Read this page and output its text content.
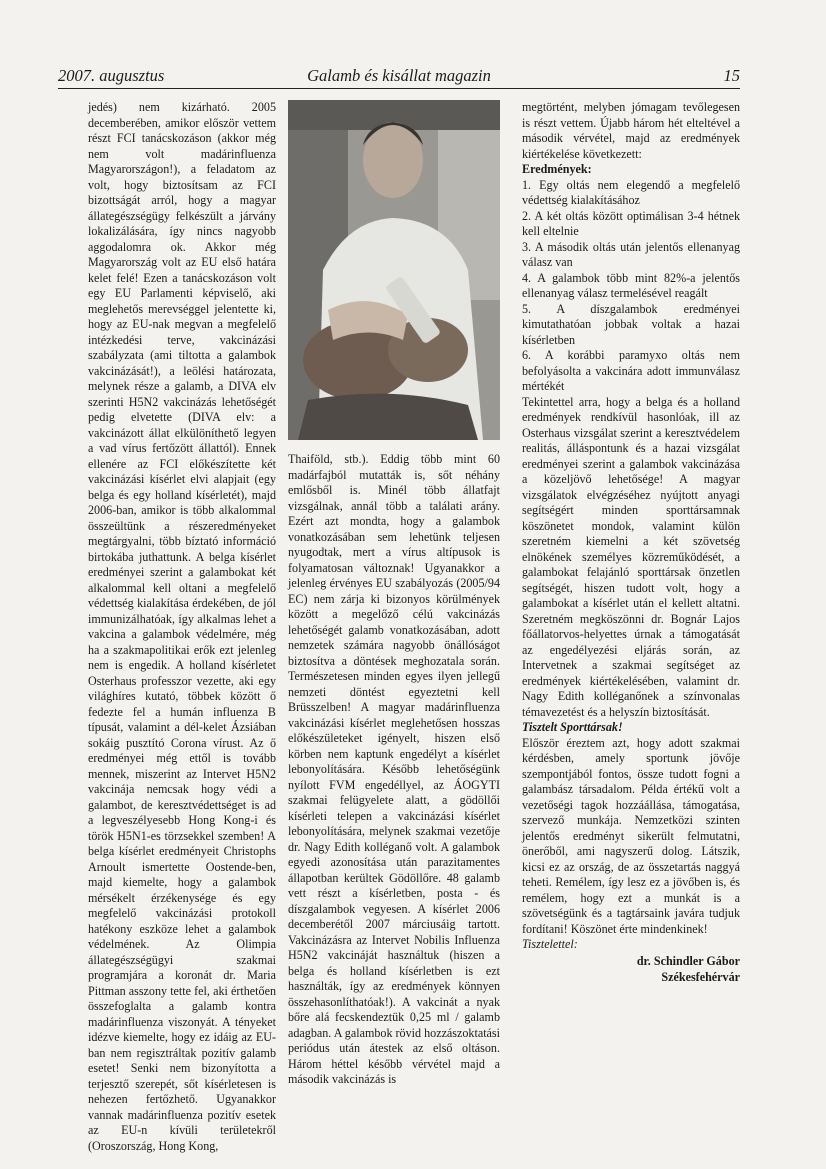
2007. augusztus	Galamb és kisállat magazin	15

jedés) nem kizárható. 2005 decemberében, amikor először vettem részt FCI tanácskozáson (akkor még nem volt madárinfluenza Magyarországon!), a feladatom az volt, hogy biztosítsam az FCI bizottságát arról, hogy a magyar állategészségügy felkészült a járvány lokalizálására, így nincs nagyobb aggodalomra ok. Akkor még Magyarország volt az EU első határa kelet felé! Ezen a tanácskozáson volt egy EU Parlamenti képviselő, aki meglehetős merevséggel jelentette ki, hogy az EU-nak megvan a megfelelő intézkedési terve, vakcinázási szabályzata (ami tiltotta a galambok vakcinázását!), a leölési határozata, melynek része a galamb, a DIVA elv szerinti H5N2 vakcinázás lehetőségét pedig elvetette (DIVA elv: a vakcinázott állat elkülöníthető legyen a vad vírus fertőzött állattól). Ennek ellenére az FCI előkészítette két vakcinázási kísérlet elvi alapjait (egy belga és egy holland kísérletét), majd 2006-ban, amikor is több alkalommal összeültünk a részeredményeket megtárgyalni, több bíztató információ birtokába juthattunk. A belga kísérlet eredményei szerint a galambokat két alkalommal kell oltani a megfelelő védettség kialakítása érdekében, de jól immunizálhatóak, így alkalmas lehet a vakcina a galambok védelmére, még ha a szakmapolitikai erők ezt jelenleg nem is engedik. A holland kísérletet Osterhaus professzor vezette, aki egy világhíres kutató, többek között ő fedezte fel a humán influenza B típusát, valamint a dél-kelet Ázsiában sokáig pusztító Corona vírust. Az ő eredményei még ettől is tovább mennek, miszerint az Intervet H5N2 vakcinája nemcsak hogy védi a galambot, de keresztvédettséget is ad a legveszélyesebb Hong Kong-i és török H5N1-es törzsekkel szemben! A belga kísérlet eredményeit Christophs Arnoult ismertette Oostende-ben, majd kiemelte, hogy a galambok mérsékelt érzékenysége és egy megfelelő vakcinázási protokoll hatékony eszköze lehet a galambok védelmének. Az Olimpia állategészségügyi szakmai programjára a koronát dr. Maria Pittman asszony tette fel, aki érthetően összefoglalta a galamb kontra madárinfluenza viszonyát. A tényeket idézve kiemelte, hogy ez idáig az EU-ban nem regisztráltak pozitív galamb esetet! Senki nem bizonyította a terjesztő szerepét, sőt kísérletesen is nehezen fertőzhető. Ugyanakkor vannak madárinfluenza pozitív esetek az EU-n kívüli területekről (Oroszország, Hong Kong,

Thaiföld, stb.). Eddig több mint 60 madárfajból mutatták is, sőt néhány emlősből is. Minél több állatfajt vizsgálnak, annál több a találati arány. Ezért azt mondta, hogy a galambok vonatkozásában sem lehetünk teljesen nyugodtak, mert a vírus altípusok is folyamatosan változnak! Ugyanakkor a jelenleg érvényes EU szabályozás (2005/94 EC) nem zárja ki bizonyos körülmények között a megelőző célú vakcinázás lehetőségét galamb vonatkozásában, adott nemzetek számára nagyobb önállóságot biztosítva a döntések meghozatala során. Természetesen minden egyes ilyen jellegű nemzeti döntést egyeztetni kell Brüsszelben! A magyar madárinfluenza vakcinázási kísérlet meglehetősen hosszas előkészületeket igényelt, hiszen első körben nem kaptunk engedélyt a kísérlet lebonyolítására. Később lehetőségünk nyílott FVM engedéllyel, az ÁOGYTI szakmai felügyelete alatt, a gödöllői kísérleti telepen a vakcinázási kísérlet lebonyolítására, melynek szakmai vezetője dr. Nagy Edith kolléganő volt. A galambok egyedi azonosítása után parazitamentes állapotban kerültek Gödöllőre. 48 galamb vett részt a kísérletben, posta - és díszgalambok vegyesen. A kísérlet 2006 decemberétől 2007 márciusáig tartott. Vakcinázásra az Intervet Nobilis Influenza H5N2 vakcináját használtuk (hiszen a belga és holland kísérletben is ezt használták, így az eredmények könnyen összehasonlíthatóak!). A vakcinát a nyak bőre alá fecskendeztük 0,25 ml / galamb adagban. A galambok rövid hozzászoktatási periódus után átestek az első oltáson. Három héttel később vérvétel majd a második vakcinázás is

megtörtént, melyben jómagam tevőlegesen is részt vettem. Újabb három hét elteltével a második vérvétel, majd az eredmények kiértékelése következett:

Eredmények:

1. Egy oltás nem elegendő a megfelelő védettség kialakításához

2. A két oltás között optimálisan 3-4 hétnek kell eltelnie

3. A második oltás után jelentős ellenanyag válasz van

4. A galambok több mint 82%-a jelentős ellenanyag válasz termelésével reagált

5. A díszgalambok eredményei kimutathatóan jobbak voltak a hazai kísérletben

6. A korábbi paramyxo oltás nem befolyásolta a vakcinára adott immunválasz mértékét

Tekintettel arra, hogy a belga és a holland eredmények rendkívül hasonlóak, ill az Osterhaus vizsgálat szerint a keresztvédelem realitás, álláspontunk és a hazai vizsgálat eredményei szerint a galambok vakcinázása a közeljövő lehetősége! A magyar vizsgálatok elvégzéséhez nyújtott anyagi segítségért minden sporttársamnak köszönetet mondok, valamint külön szeretném kiemelni a két szövetség elnökének személyes közreműködését, a galambokat felajánló sporttársak önzetlen segítségét, hiszen tudott volt, hogy a galambokat a kísérlet után el kellett altatni. Szeretném megköszönni dr. Bognár Lajos főállatorvos-helyettes úrnak a támogatását az engedélyezési eljárás során, az Intervetnek a szakmai segítséget az eredmények kiértékelésében, valamint dr. Nagy Edith kolléganőnek a színvonalas témavezetést és a helyszín biztosítását.

Tisztelt Sporttársak!

Először éreztem azt, hogy adott szakmai kérdésben, amely sportunk jövője szempontjából fontos, össze tudott fogni a galambász társadalom. Példa értékű volt a vezetőségi tagok hozzáállása, támogatása, szervező munkája. Nemzetközi szinten jelentős eredményt sikerült felmutatni, önerőből, ami nagyszerű dolog. Látszik, kicsi ez az ország, de az összetartás naggyá teheti. Remélem, így lesz ez a jövőben is, és remélem, hogy ezt a munkát is a szövetségünk és a tagtársaink javára tudjuk fordítani! Köszönet érte mindenkinek!

Tisztelettel:

dr. Schindler Gábor
Székesfehérvár
